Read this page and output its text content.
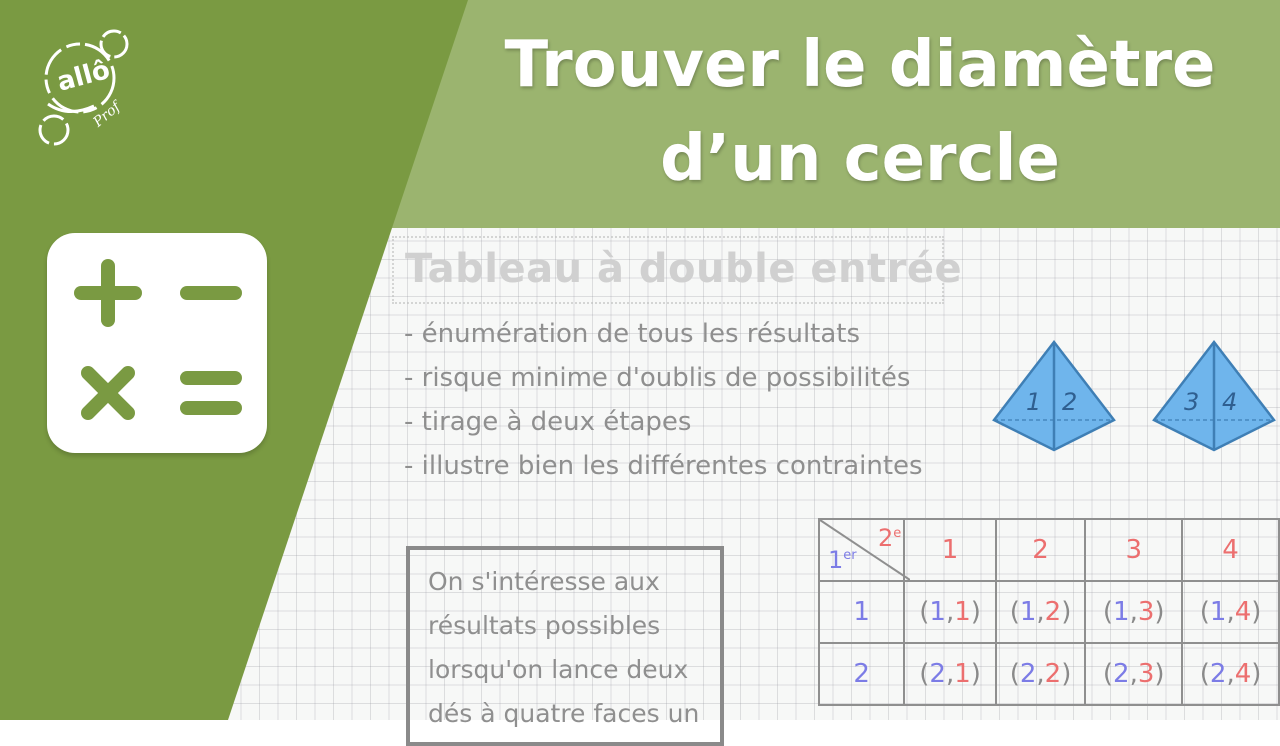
Trouver le diamètre
d’un cercle
Tableau à double entrée
- énumération de tous les résultats
- risque minime d'oublis de possibilités
- tirage à deux étapes
- illustre bien les différentes contraintes
1 2	3 4
On s'intéresse aux
résultats possibles
lorsqu'on lance deux
dés à quatre faces un
1er
2e	1	2	3	4
1	(1,1)	(1,2)	(1,3)	(1,4)
2	(2,1)	(2,2)	(2,3)	(2,4)
allô
Prof
